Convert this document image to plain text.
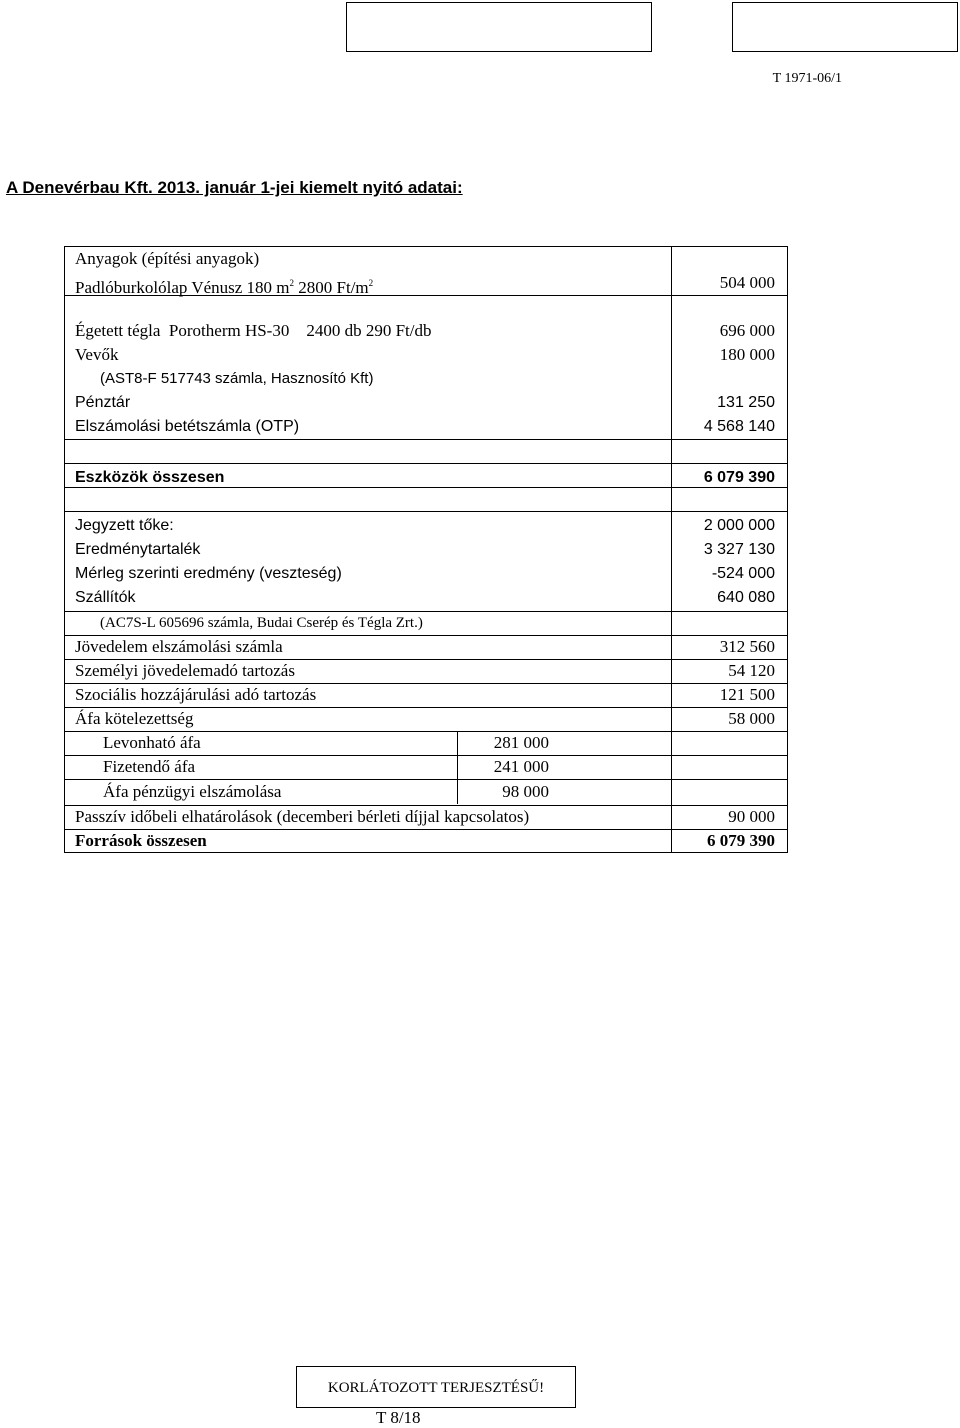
T 1971-06/1
A Denevérbau Kft. 2013. január 1-jei kiemelt nyitó adatai:
Anyagok (építési anyagok)
Padlóburkolólap Vénusz 180 $m^2$ 2800 $Ft/m^2$	504 000
Égetett tégla  Porotherm HS-30    2400 db 290 Ft/db	696 000
Vevők	180 000
(AST8-F 517743 számla, Hasznosító Kft)
Pénztár	131 250
Elszámolási betétszámla (OTP)	4 568 140
Eszközök összesen	6 079 390
Jegyzett tőke:	2 000 000
Eredménytartalék	3 327 130
Mérleg szerinti eredmény (veszteség)	-524 000
Szállítók	640 080
(AC7S-L 605696 számla, Budai Cserép és Tégla Zrt.)
Jövedelem elszámolási számla	312 560
Személyi jövedelemadó tartozás	54 120
Szociális hozzájárulási adó tartozás	121 500
Áfa kötelezettség	58 000
Levonható áfa	281 000
Fizetendő áfa	241 000
Áfa pénzügyi elszámolása	98 000
Passzív időbeli elhatárolások (decemberi bérleti díjjal kapcsolatos)	90 000
Források összesen	6 079 390
KORLÁTOZOTT TERJESZTÉSŰ!
T 8/18
